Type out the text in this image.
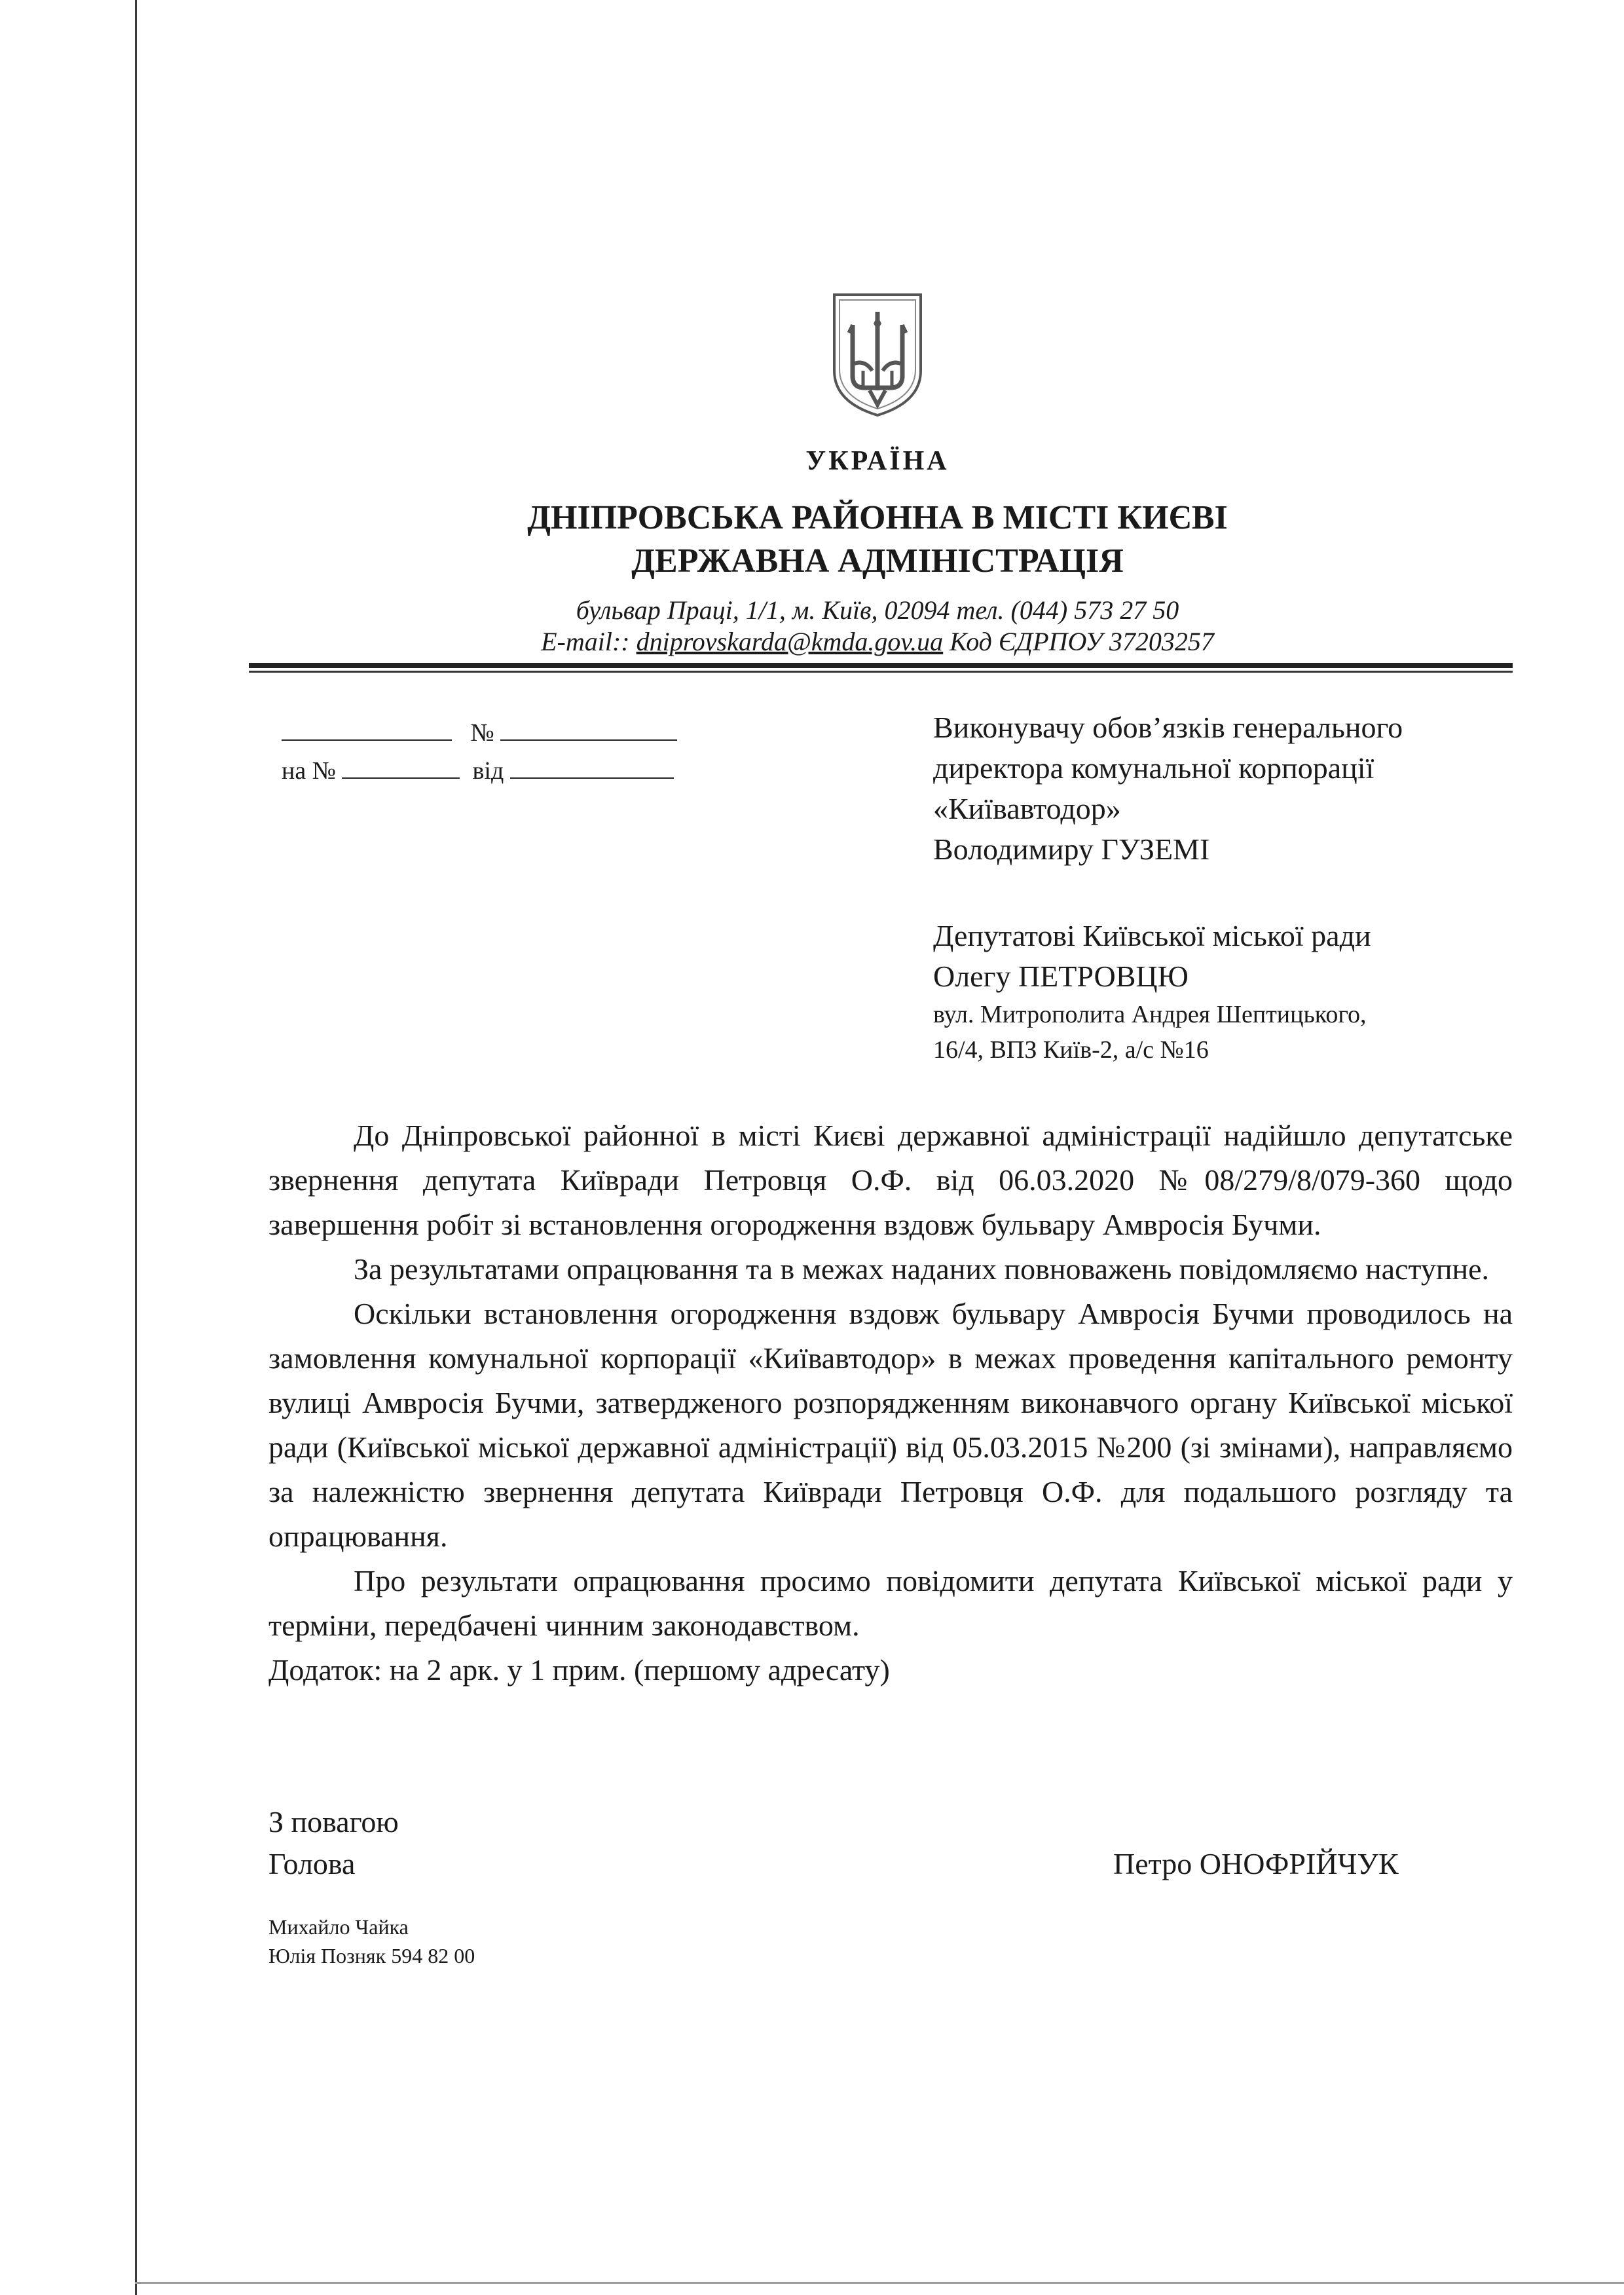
УКРАЇНА

ДНІПРОВСЬКА РАЙОННА В МІСТІ КИЄВІ

ДЕРЖАВНА АДМІНІСТРАЦІЯ

бульвар Праці, 1/1, м. Київ, 02094 тел. (044) 573 27 50

E-mail:: dniprovskarda@kmda.gov.ua Код ЄДРПОУ 37203257

№
на №	від

Виконувачу обов’язків генерального

директора комунальної корпорації

«Київавтодор»

Володимиру ГУЗЕМІ

Депутатові Київської міської ради

Олегу ПЕТРОВЦЮ

вул. Митрополита Андрея Шептицького,

16/4, ВПЗ Київ-2, а/с №16

До Дніпровської районної в місті Києві державної адміністрації надійшло депутатське звернення депутата Київради Петровця О.Ф. від 06.03.2020 №08/279/8/079-360 щодо завершення робіт зі встановлення огородження вздовж бульвару Амвросія Бучми.

За результатами опрацювання та в межах наданих повноважень повідомляємо наступне.

Оскільки встановлення огородження вздовж бульвару Амвросія Бучми проводилось на замовлення комунальної корпорації «Київавтодор» в межах проведення капітального ремонту вулиці Амвросія Бучми, затвердженого розпорядженням виконавчого органу Київської міської ради (Київської міської державної адміністрації) від 05.03.2015 №200 (зі змінами), направляємо за належністю звернення депутата Київради Петровця О.Ф. для подальшого розгляду та опрацювання.

Про результати опрацювання просимо повідомити депутата Київської міської ради у терміни, передбачені чинним законодавством.

Додаток: на 2 арк. у 1 прим. (першому адресату)

З повагою

Голова	Петро ОНОФРІЙЧУК

Михайло Чайка

Юлія Позняк 594 82 00
